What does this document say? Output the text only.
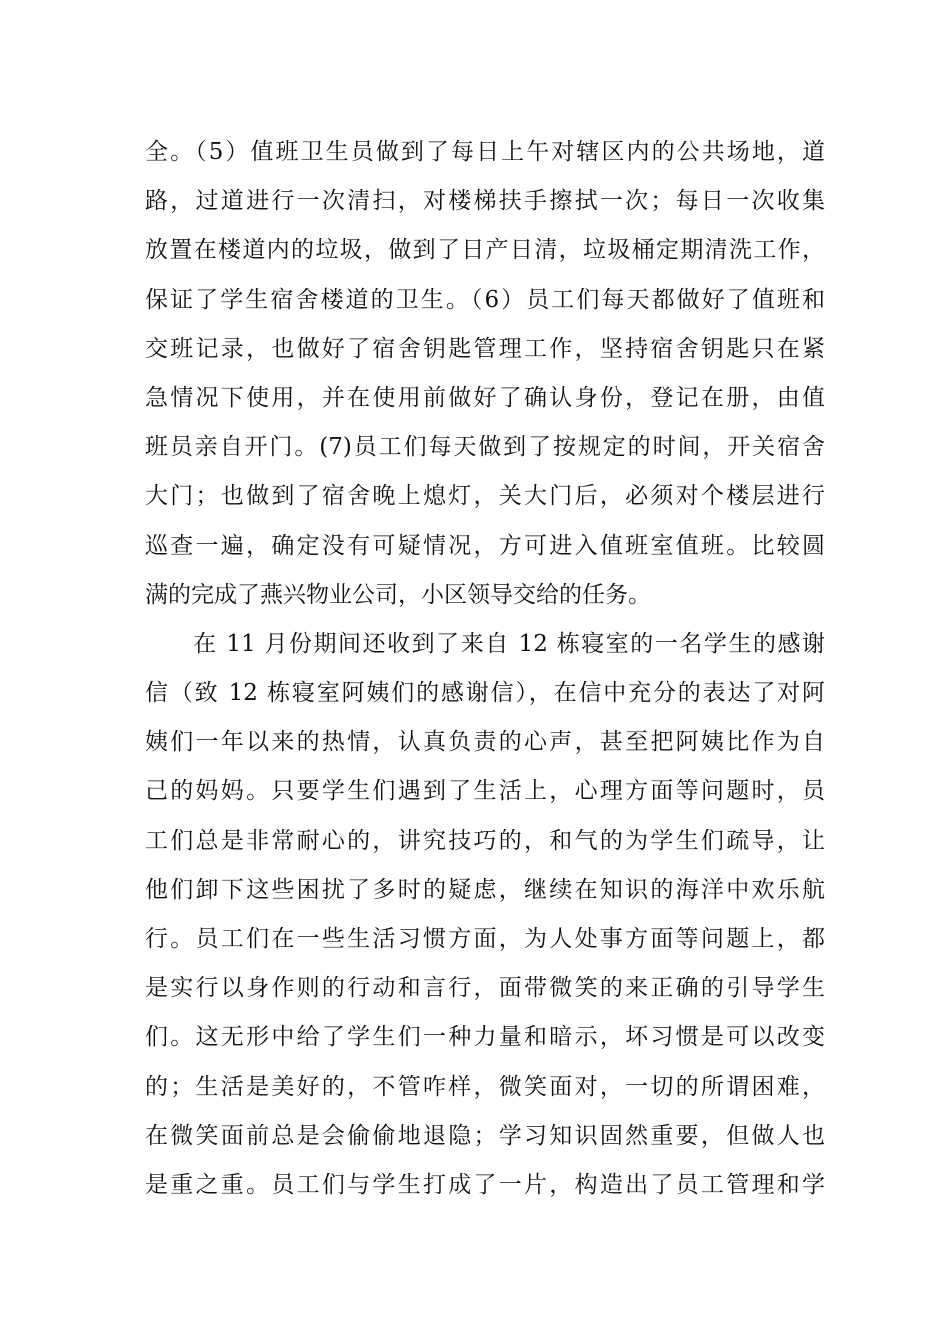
全。（5）值班卫生员做到了每日上午对辖区内的公共场地，道
路，过道进行一次清扫，对楼梯扶手擦拭一次；每日一次收集
放置在楼道内的垃圾，做到了日产日清，垃圾桶定期清洗工作，
保证了学生宿舍楼道的卫生。（6）员工们每天都做好了值班和
交班记录，也做好了宿舍钥匙管理工作，坚持宿舍钥匙只在紧
急情况下使用，并在使用前做好了确认身份，登记在册，由值
班员亲自开门。(7)员工们每天做到了按规定的时间，开关宿舍
大门；也做到了宿舍晚上熄灯，关大门后，必须对个楼层进行
巡查一遍，确定没有可疑情况，方可进入值班室值班。比较圆
满的完成了燕兴物业公司，小区领导交给的任务。
在 11 月份期间还收到了来自 12 栋寝室的一名学生的感谢
信（致 12 栋寝室阿姨们的感谢信），在信中充分的表达了对阿
姨们一年以来的热情，认真负责的心声，甚至把阿姨比作为自
己的妈妈。只要学生们遇到了生活上，心理方面等问题时，员
工们总是非常耐心的，讲究技巧的，和气的为学生们疏导，让
他们卸下这些困扰了多时的疑虑，继续在知识的海洋中欢乐航
行。员工们在一些生活习惯方面，为人处事方面等问题上，都
是实行以身作则的行动和言行，面带微笑的来正确的引导学生
们。这无形中给了学生们一种力量和暗示，坏习惯是可以改变
的；生活是美好的，不管咋样，微笑面对，一切的所谓困难，
在微笑面前总是会偷偷地退隐；学习知识固然重要，但做人也
是重之重。员工们与学生打成了一片，构造出了员工管理和学
